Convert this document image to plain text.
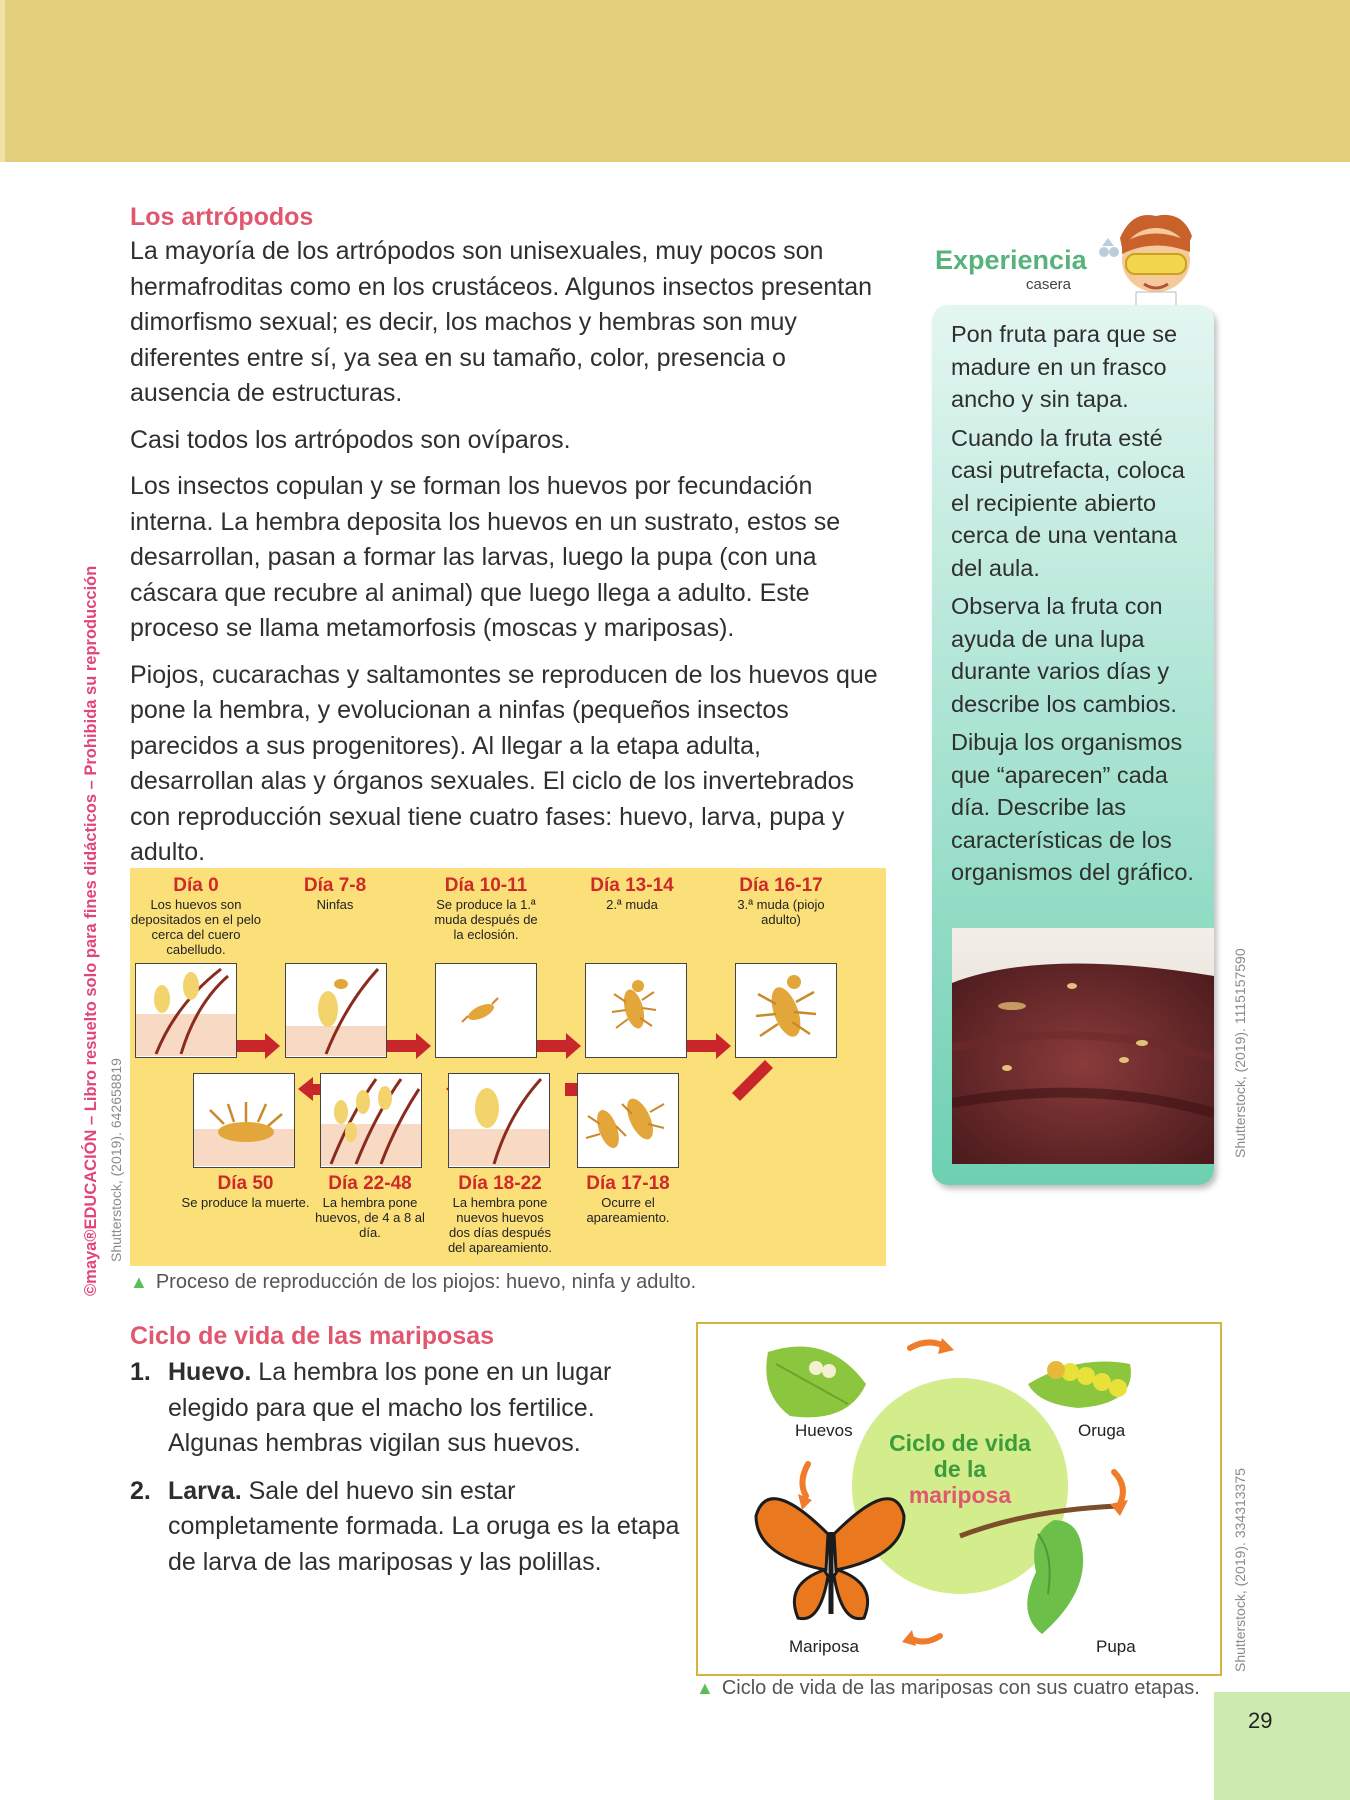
Los artrópodos

La mayoría de los artrópodos son unisexuales, muy pocos son hermafroditas como en los crustáceos. Algunos insectos presentan dimorfismo sexual; es decir, los machos y hembras son muy diferentes entre sí, ya sea en su tamaño, color, presencia o ausencia de estructuras.

Casi todos los artrópodos son ovíparos.

Los insectos copulan y se forman los huevos por fecundación interna. La hembra deposita los huevos en un sustrato, estos se desarrollan, pasan a formar las larvas, luego la pupa (con una cáscara que recubre al animal) que luego llega a adulto. Este proceso se llama metamorfosis (moscas y mariposas).

Piojos, cucarachas y saltamontes se reproducen de los huevos que pone la hembra, y evolucionan a ninfas (pequeños insectos parecidos a sus progenitores). Al llegar a la etapa adulta, desarrollan alas y órganos sexuales. El ciclo de los invertebrados con reproducción sexual tiene cuatro fases: huevo, larva, pupa y adulto.

©maya®EDUCACIÓN – Libro resuelto solo para fines didácticos – Prohibida su reproducción
Shutterstock, (2019). 642658819
Shutterstock, (2019). 1115157590
Shutterstock, (2019). 334313375
Experiencia
casera

Pon fruta para que se madure en un frasco ancho y sin tapa.

Cuando la fruta esté casi putrefacta, coloca el recipiente abierto cerca de una ventana del aula.

Observa la fruta con ayuda de una lupa durante varios días y describe los cambios.

Dibuja los organismos que “aparecen” cada día. Describe las características de los organismos del gráfico.

Día 0
Los huevos son depositados en el pelo cerca del cuero cabelludo.
Día 7-8
Ninfas
Día 10-11
Se produce la 1.ª muda después de la eclosión.
Día 13-14
2.ª muda
Día 16-17
3.ª muda (piojo adulto)
Día 50
Se produce la muerte.
Día 22-48
La hembra pone huevos, de 4 a 8 al día.
Día 18-22
La hembra pone nuevos huevos dos días después del apareamiento.
Día 17-18
Ocurre el apareamiento.
▲ Proceso de reproducción de los piojos: huevo, ninfa y adulto.
Ciclo de vida de las mariposas
1. Huevo. La hembra los pone en un lugar elegido para que el macho los fertilice. Algunas hembras vigilan sus huevos.
2. Larva. Sale del huevo sin estar completamente formada. La oruga es la etapa de larva de las mariposas y las polillas.
Ciclo de vida
de la
mariposa
Huevos	Oruga
Mariposa	Pupa
▲ Ciclo de vida de las mariposas con sus cuatro etapas.
29
